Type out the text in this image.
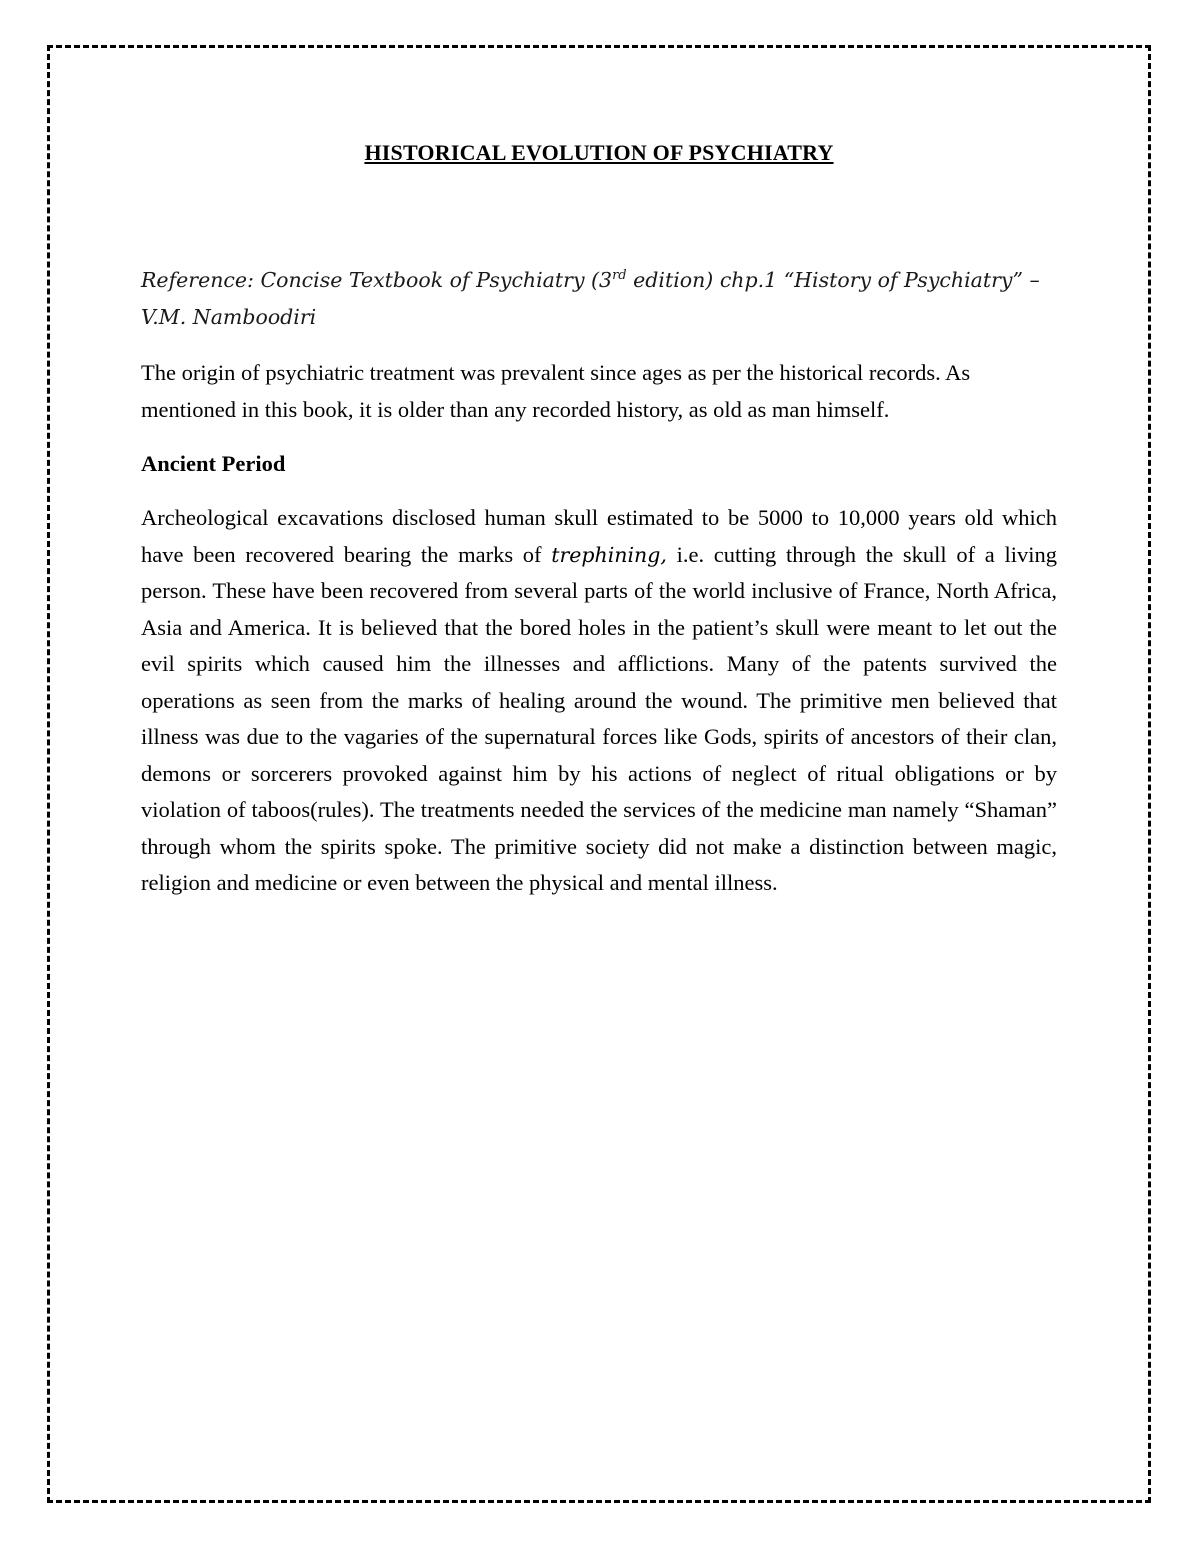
HISTORICAL EVOLUTION OF PSYCHIATRY
Reference: Concise Textbook of Psychiatry (3rd edition) chp.1 “History of Psychiatry” – V.M. Namboodiri

The origin of psychiatric treatment was prevalent since ages as per the historical records. As mentioned in this book, it is older than any recorded history, as old as man himself.

Ancient Period

Archeological excavations disclosed human skull estimated to be 5000 to 10,000 years old which have been recovered bearing the marks of trephining, i.e. cutting through the skull of a living person. These have been recovered from several parts of the world inclusive of France, North Africa, Asia and America. It is believed that the bored holes in the patient’s skull were meant to let out the evil spirits which caused him the illnesses and afflictions. Many of the patents survived the operations as seen from the marks of healing around the wound. The primitive men believed that illness was due to the vagaries of the supernatural forces like Gods, spirits of ancestors of their clan, demons or sorcerers provoked against him by his actions of neglect of ritual obligations or by violation of taboos(rules). The treatments needed the services of the medicine man namely “Shaman” through whom the spirits spoke. The primitive society did not make a distinction between magic, religion and medicine or even between the physical and mental illness.
